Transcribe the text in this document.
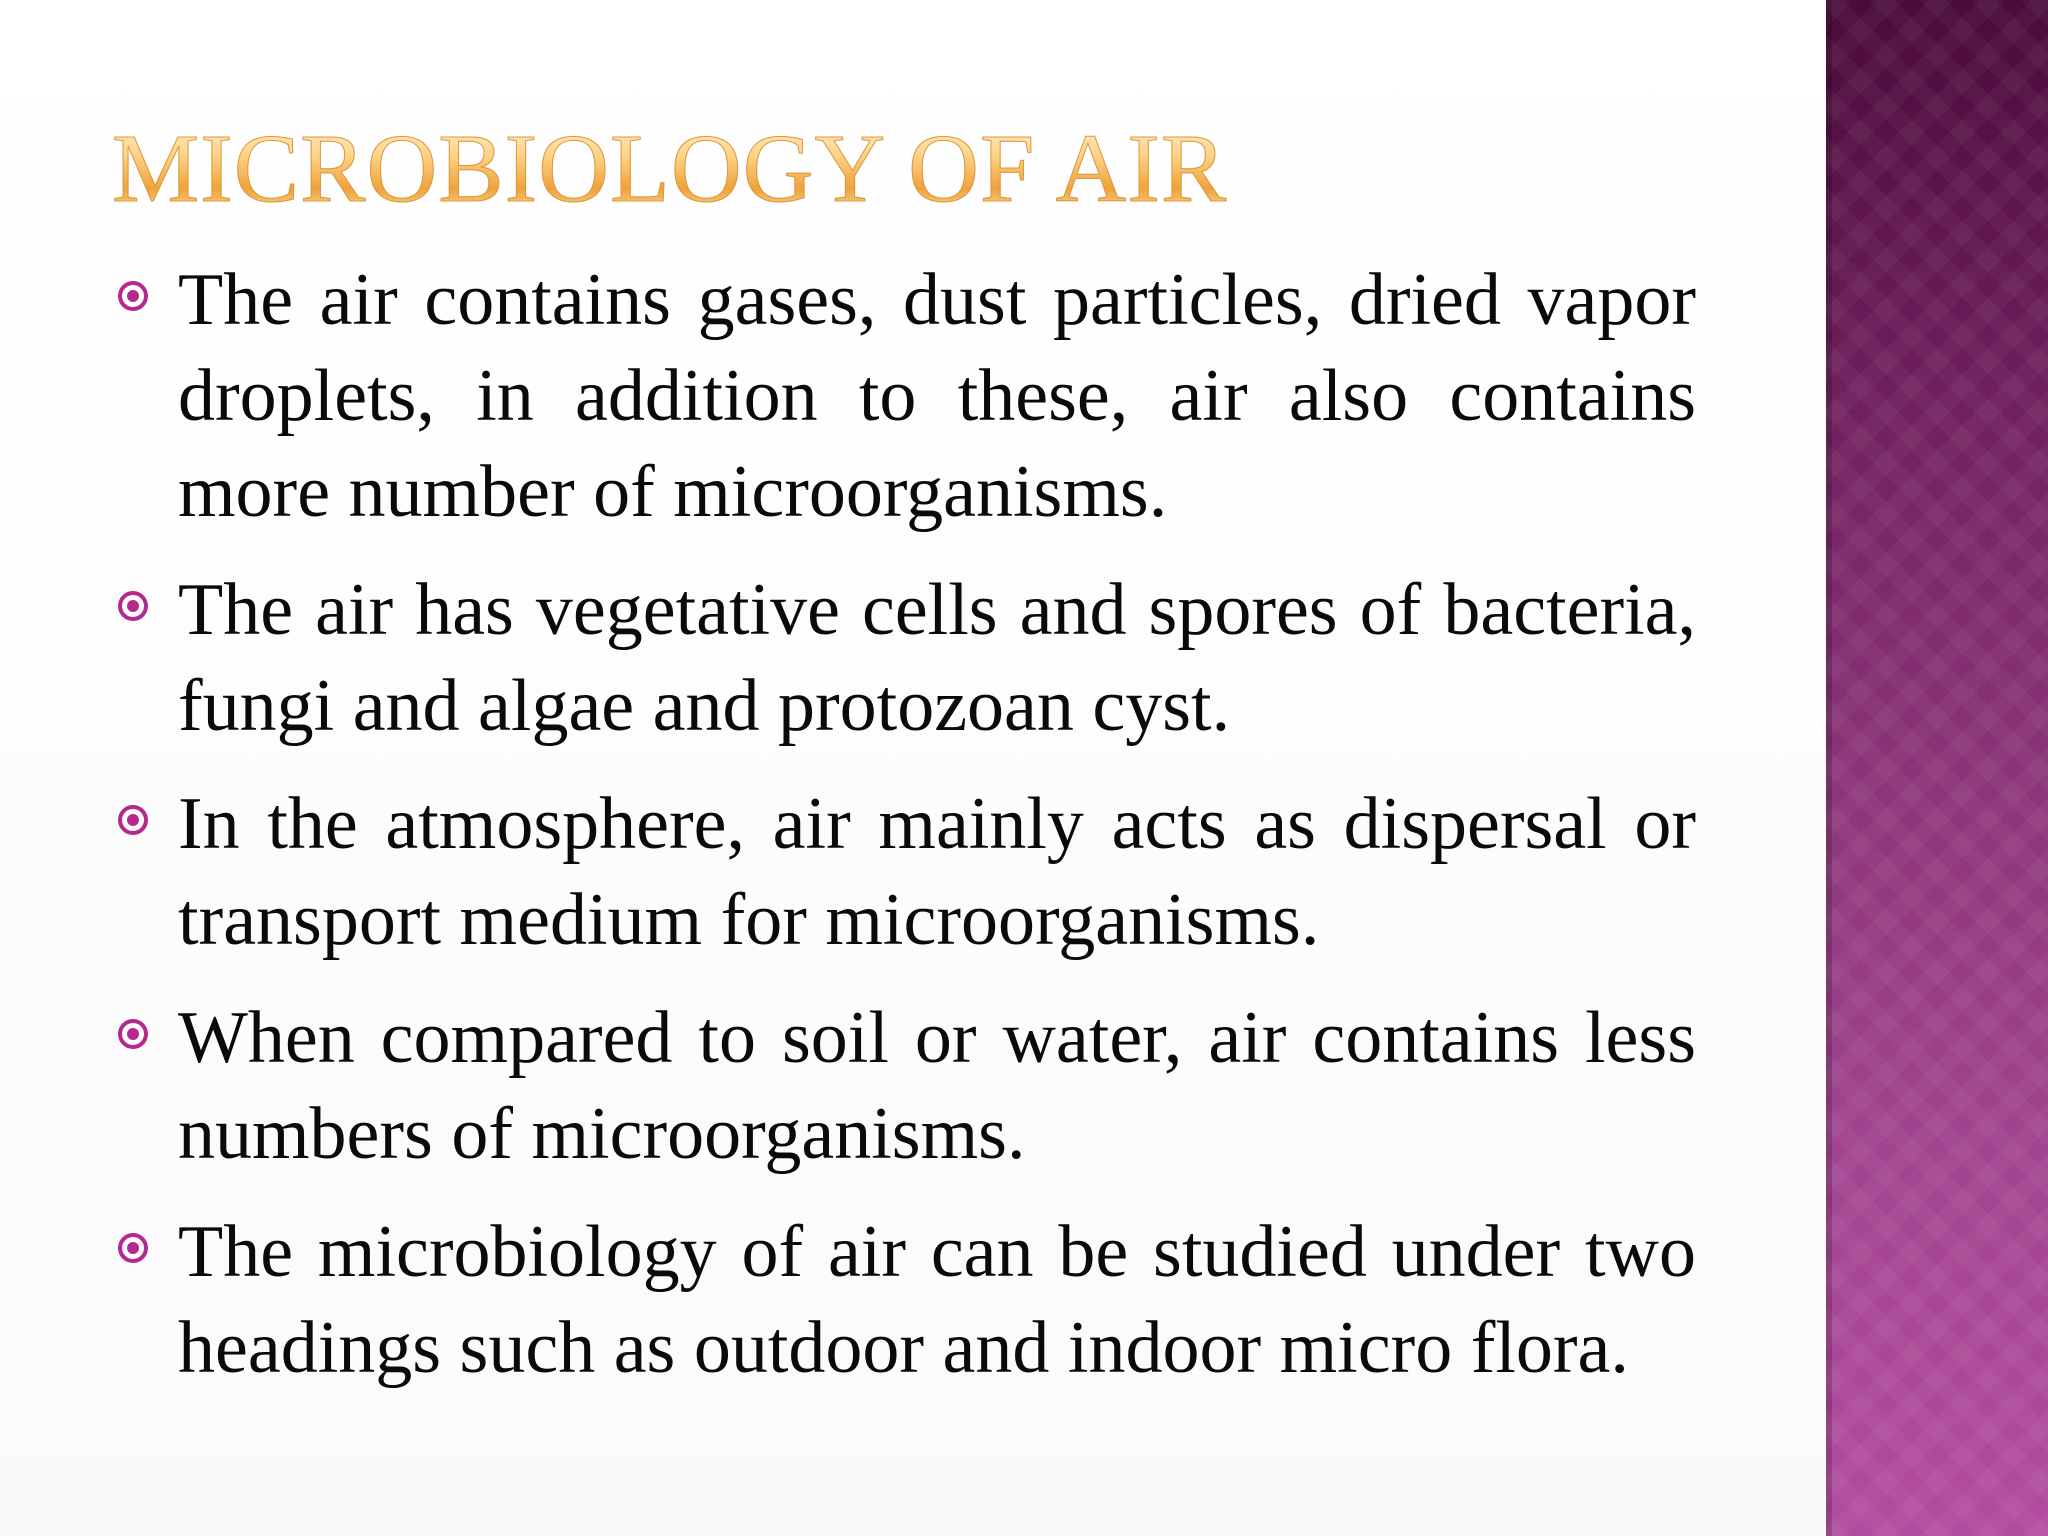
MICROBIOLOGY OF AIR
The air contains gases, dust particles, dried vapor droplets, in addition to these, air also contains more number of microorganisms.
The air has vegetative cells and spores of bacteria, fungi and algae and protozoan cyst.
In the atmosphere, air mainly acts as dispersal or transport medium for microorganisms.
When compared to soil or water, air contains less numbers of microorganisms.
The microbiology of air can be studied under two headings such as outdoor and indoor micro flora.
